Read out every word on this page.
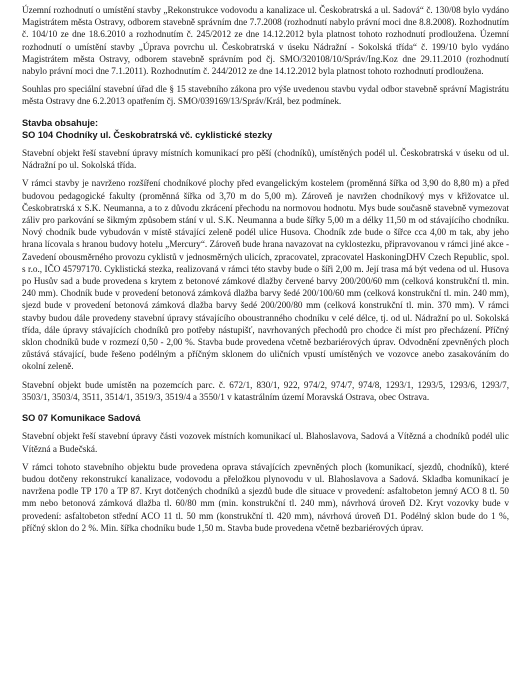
Územní rozhodnutí o umístění stavby „Rekonstrukce vodovodu a kanalizace ul. Českobratrská a ul. Sadová“ č. 130/08 bylo vydáno Magistrátem města Ostravy, odborem stavebně správním dne 7.7.2008 (rozhodnutí nabylo právní moci dne 8.8.2008). Rozhodnutím č. 104/10 ze dne 18.6.2010 a rozhodnutím č. 245/2012 ze dne 14.12.2012 byla platnost tohoto rozhodnutí prodloužena. Územní rozhodnutí o umístění stavby „Úprava povrchu ul. Českobratrská v úseku Nádražní - Sokolská třída“ č. 199/10 bylo vydáno Magistrátem města Ostravy, odborem stavebně správním pod čj. SMO/320108/10/Správ/Ing.Koz dne 29.11.2010 (rozhodnutí nabylo právní moci dne 7.1.2011). Rozhodnutím č. 244/2012 ze dne 14.12.2012 byla platnost tohoto rozhodnutí prodloužena.

Souhlas pro speciální stavební úřad dle § 15 stavebního zákona pro výše uvedenou stavbu vydal odbor stavebně správní Magistrátu města Ostravy dne 6.2.2013 opatřením čj. SMO/039169/13/Správ/Král, bez podmínek.

Stavba obsahuje:

SO 104 Chodníky ul. Českobratrská vč. cyklistické stezky

Stavební objekt řeší stavební úpravy místních komunikací pro pěší (chodníků), umístěných podél ul. Českobratrská v úseku od ul. Nádražní po ul. Sokolská třída.

V rámci stavby je navrženo rozšíření chodníkové plochy před evangelickým kostelem (proměnná šířka od 3,90 do 8,80 m) a před budovou pedagogické fakulty (proměnná šířka od 3,70 m do 5,00 m). Zároveň je navržen chodníkový mys v křižovatce ul. Českobratrská x S.K. Neumanna, a to z důvodu zkrácení přechodu na normovou hodnotu. Mys bude současně stavebně vymezovat záliv pro parkování se šikmým způsobem stání v ul. S.K. Neumanna a bude šířky 5,00 m a délky 11,50 m od stávajícího chodníku. Nový chodník bude vybudován v místě stávající zeleně podél ulice Husova. Chodník zde bude o šířce cca 4,00 m tak, aby jeho hrana lícovala s hranou budovy hotelu „Mercury“. Zároveň bude hrana navazovat na cyklostezku, připravovanou v rámci jiné akce - Zavedení obousměrného provozu cyklistů v jednosměrných ulicích, zpracovatel, zpracovatel HaskoningDHV Czech Republic, spol. s r.o., IČO 45797170. Cyklistická stezka, realizovaná v rámci této stavby bude o šíři 2,00 m. Její trasa má být vedena od ul. Husova po Husův sad a bude provedena s krytem z betonové zámkové dlažby červené barvy 200/200/60 mm (celková konstrukční tl. min. 240 mm). Chodník bude v provedení betonová zámková dlažba barvy šedé 200/100/60 mm (celková konstrukční tl. min. 240 mm), sjezd bude v provedení betonová zámková dlažba barvy šedé 200/200/80 mm (celková konstrukční tl. min. 370 mm). V rámci stavby budou dále provedeny stavební úpravy stávajícího oboustranného chodníku v celé délce, tj. od ul. Nádražní po ul. Sokolská třída, dále úpravy stávajících chodníků pro potřeby nástupišť, navrhovaných přechodů pro chodce či míst pro přecházení. Příčný sklon chodníků bude v rozmezí 0,50 - 2,00 %. Stavba bude provedena včetně bezbariérových úprav. Odvodnění zpevněných ploch zůstává stávající, bude řešeno podélným a příčným sklonem do uličních vpustí umístěných ve vozovce anebo zasakováním do okolní zeleně.

Stavební objekt bude umístěn na pozemcích parc. č. 672/1, 830/1, 922, 974/2, 974/7, 974/8, 1293/1, 1293/5, 1293/6, 1293/7, 3503/1, 3503/4, 3511, 3514/1, 3519/3, 3519/4 a 3550/1 v katastrálním území Moravská Ostrava, obec Ostrava.

SO 07 Komunikace Sadová

Stavební objekt řeší stavební úpravy části vozovek místních komunikací ul. Blahoslavova, Sadová a Vítězná a chodníků podél ulic Vítězná a Budečská.

V rámci tohoto stavebního objektu bude provedena oprava stávajících zpevněných ploch (komunikací, sjezdů, chodníků), které budou dotčeny rekonstrukcí kanalizace, vodovodu a přeložkou plynovodu v ul. Blahoslavova a Sadová. Skladba komunikací je navržena podle TP 170 a TP 87. Kryt dotčených chodníků a sjezdů bude dle situace v provedení: asfaltobeton jemný ACO 8 tl. 50 mm nebo betonová zámková dlažba tl. 60/80 mm (min. konstrukční tl. 240 mm), návrhová úroveň D2. Kryt vozovky bude v provedení: asfaltobeton střední ACO 11 tl. 50 mm (konstrukční tl. 420 mm), návrhová úroveň D1. Podélný sklon bude do 1 %, příčný sklon do 2 %. Min. šířka chodníku bude 1,50 m. Stavba bude provedena včetně bezbariérových úprav.
